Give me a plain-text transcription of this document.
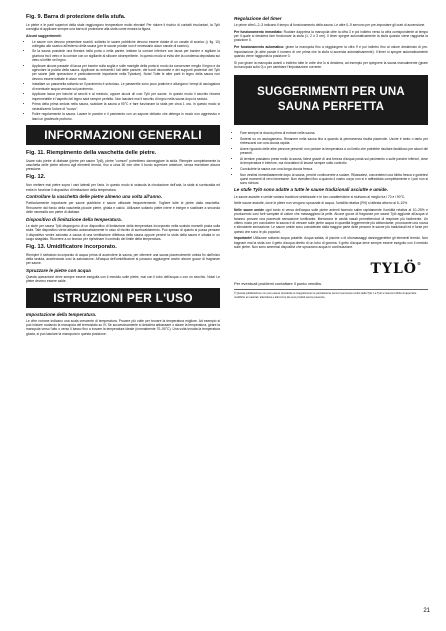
Fig. 9. Barra di protezione della stufa.

Le pietre e le parti superiori della stufa raggiungono temperature molto elevate! Per ridurre il rischio di contatti involontari, la Tylö consiglia di applicare sempre una barra di protezione alla stufa come mostra la figura.

Alcuni suggerimenti:
• Le saune non devono presentare scaridi, soltanto le saune pubbliche devono essere dotate di un canale di scarico (i, fig. 10) collegato allo scarico all'esterno della sauna (per le saune private non è necessario alcun canale di scarico).
• Se la sauna possiede una finestra nella porta o nella parete, trattare la cornice inferiore con lacca per barche e sigillare la giuntura tra il vetro e la cornice con un sigillante al silicone idrorepellente. In questo modo si evita che la condensa depositata sul vetro si infiltri nel legno.
• Applicare alcune passate di lacca per barche sulla soglia e sulle maniglie della porta in modo da conservare meglio il legno e da agevolare la pulizia della sauna. Applicare su entrambi i lati delle panche, dei bordi decorativi e dei supporti posteriori del Tylö per saune (tale operazione è particolarmente importante nella Tylarium). Nota! Tutte le altre parti in legno della sauna non devono essere trattate in alcun modo.
• Installare un passerella soltanto se il pavimento è scivoloso. Le passerelle sono poco pratiche e allungano i tempi di asciugatura di eventuale acqua versata sul pavimento.
• Applicare lacca per barche ai secchi e al mestolo, oppure alcuni oli così Tylö per saune. In questo modo il secchio rimarrà impermeabile e l'aspetto del legno sarà sempre perfetto. Non lasciare mai il secchio di legno nella sauna dopo la seduta.
• Prima della prima seduta nella sauna, scaldare la sauna a 90°C e fare funzionare la stufa per circa 1 ora. In questo modo si neutralizzerà l'odore di "nuovo".
• Pulire regolarmente la sauna. Lavare le panche e il pavimento con un sapone delicato che detergа in modo non aggressivo e lasci un gradevole profumo.
INFORMAZIONI GENERALI
Fig. 11. Riempimento della vaschetta delle pietre.

Usare solo pietre di diabase (pietre per saune Tylö), pietre "comuni" potrebbero danneggiare la stufa. Riempire completamente la vaschetta delle pietre attorno agli elementi termici, fino a circa 50 mm oltre il bordo superiore anteriore, senza esercitare alcuna pressione.

Fig. 12.

Non mettere mai pietre sopra i vani laterali per l'aria. In questo modo si ostacola la circolazione dell'aria, la stufa si surriscalda ed entra in funzione il dispositivo di limitazione della temperatura.

Controllare la vaschetta delle pietre almeno una volta all'anno.

Particolarmente importante per saune pubbliche e saune utilizzate frequentemente. Togliere tutte le pietre dalla vaschetta. Rimuovere dal fondo della vaschetta piccole pietre, ghiaia e calcio. Utilizzare soltanto pietre intere e integre e sostituire a seconda delle necessità con pietre di diabase.

Dispositivo di limitazione della temperatura.

Le stufe per sauna Tylö dispongono di un dispositivo di limitazione della temperatura incorporato nella scatola morsetti posta sulla stufa. Tale dispositivo viene attivato automaticamente in caso di rischio di surriscaldamento. Può spesso di quanto si possa pensare il dispositivo venire azionato a causa di una ventilazione difettosa della sauna oppure perché la stufa della sauna è situata in un luogo sbagliato. Ricorrere a un tecnico per ripristinare il controllo del limite della temperatura.

Fig. 13. Umidificatore incorporato.

Riempire il serbatoio incorporato di acqua prima di accendere la sauna, per ottenere una sauna piacevolmente umida fin dall'inizio della seduta, accelerando così la saturazione. All'acqua dell'umidificatore si possono aggiungere anche alcune gocce di fragranze per saune.

Spruzzare le pietre con acqua

Questa operazione deve sempre essere eseguita con il mestolo sulle pietre, mai con il tubo dell'acqua o con un secchio. Nota! Le pietre devono essere calde.

ISTRUZIONI PER L'USO
Impostazione della temperatura.

Le cifre romane indicano una scala crescente di temperatura. Provare più volte per trovare la temperatura migliore. Ad esempio si può iniziare ruotando la manopola del termostato su IV. Se successivamente si desidera abbassare o alzare la temperatura, girare la manopola verso l'alto o verso il basso fino a trovare la temperatura ideale (normalmente 70–90°C). Una volta trovata la temperatura giusta, si può lasciare la manopola in questa posizione.

Regolazione del timer

Le prime cifre1–2–3 indicano il tempo di funzionamento della sauna. Le altre 0–9 servono per pre-impostare gli orari di accensione.

Per funzionamento immediato: Ruotare dapprima la manopola oltre la cifra 3 e poi indietro verso la cifra corrispondente al tempo per il quale si desidera fare funzionare la stufa (1, 2 o 3 ore). Il timer spegne automaticamente la stufa quando viene raggiunta la posizione 0.

Per funzionamento automatico: girare la manopola fino a raggiungere la cifra 9 e poi indietro fino al valore desiderato di pre-impostazione (in altre parole il numero di ore prima che la stufa si accenda automaticamente). Il timer si spegne automaticamente quando viene raggiunta la posizione 0.

Si può girare la manopola avanti o indietro tutte le volte che lo si desidera, ad esempio per spegnere la sauna manualmente (girare la manopola sullo 0) o per cambiare l'impostazione corrente.

SUGGERIMENTI PER UNA SAUNA PERFETTA
• Fare sempre la doccia prima di entrare nella sauna.
• Sedersi su un asciugamano. Rimanere nella sauna fino a quando la permanenza risulta piacevole. Uscire è tanto o tanto per rinfrescarsi con una doccia rapida.
• Avere riguardo delle altre persone presenti: non portare la temperatura a un livello che potrebbe risultare fastidioso per alcuni dei presenti.
• Al termine possiamo prese mollo la sauna, fatevi grazie di una brezza d'acqua posta sul pavimento o sulle panche inferiori, dove la temperatura è inferiore, ma ricordatevi di lavarvi sempre sotto controllo.
• Concludete la sauna con una lunga doccia fresca.
• Non vestirsi immediatamente dopo la sauna, perché continuerete a sudare. Rilassatevi, concedetevi una bibita fresca e godetevi quest momenti di vero benessere. Non rivestitevi fino a quando il vostro corpo non si è raffreddato completamente e i pori non si sono richiusi.
Le stufe Tylö sono adatte a tutte le saune tradizionali asciutte e umide.

Le saune asciutte e umide variano tradizioni sintetizzate e le loro caratteristiche si stufsano al meglio tra i 70 e i 90°C.

Nelle saune asciutte, dove le pietre non vengono spruzzate di acqua, l'umidità relativa (RH) si attesta attorno al 5–10%.

Nelle saune umide ogni tanto si versa dell'acqua sulle pietre ardenti facendo salire rapidamente l'umidità relativa al 10–25% e producendo così forti vampate di calore che massaggiano la pelle. Alcune gocce di fragranze per saune Tylö aggiunte all'acqua vi faranno provare una piacevole sensazione tonificante, liberanone le cavità nasali permettendovi di respirare più facilmente. Un ottimo modo per concludere la sauna è di versare sulle pietre acqua in quantità leggermente più abbondante, provocante una nuova e stimolante sensazione. Le saune umide sono considerate dalla maggior parte delle persone le saune più tradizionali ed è forse per questo che sono le più popolari.

Importante! Utilizzare soltanto acqua potabile. Acqua salata, di piscine o di idromassaggi danneggerebbe gli elementi termici. Non bagnare mai la stufa con il getto d'acqua diretto di un tubo di gomma. Il getto d'acqua deve sempre essere eseguito con il mestolo sulle pietre. Non sono ammessi dispositivi che spruzzano acqua in continuazione.

TYLÖ®

Per eventuali problemi contattare il punto vendita.

© Questa pubblicazione non può essere riprodotta nè integralmente nè parzialmente senza il permesso scritto della Tylö. La Tylö si riserva il diritto di apportare modifiche ai materiali, alla fattura e alle forme dei suoi prodotti senza preavviso.

21
